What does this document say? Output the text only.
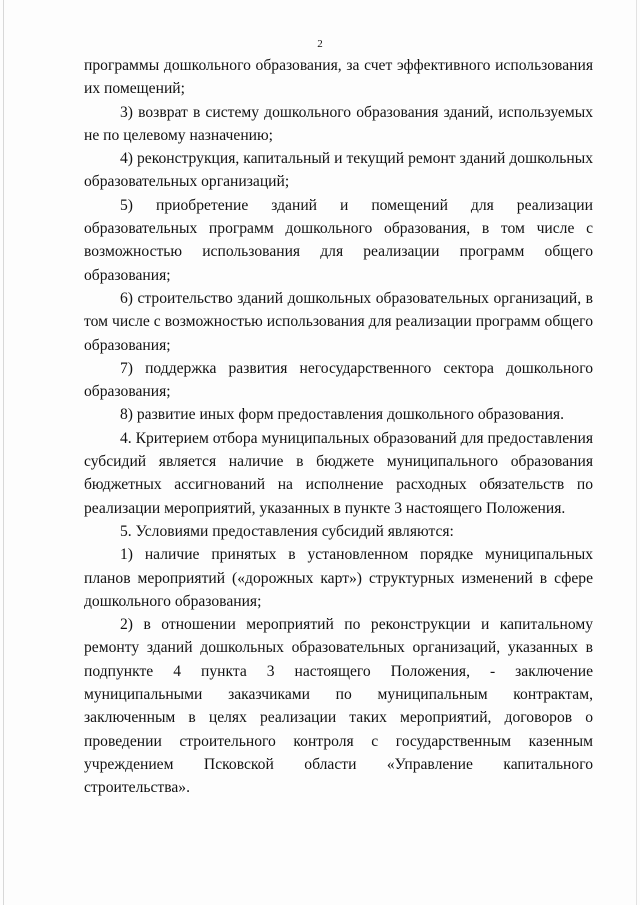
2

программы дошкольного образования, за счет эффективного использования их помещений;

3) возврат в систему дошкольного образования зданий, используемых не по целевому назначению;

4) реконструкция, капитальный и текущий ремонт зданий дошкольных образовательных организаций;

5) приобретение зданий и помещений для реализации образовательных программ дошкольного образования, в том числе с возможностью использования для реализации программ общего образования;

6) строительство зданий дошкольных образовательных организаций, в том числе с возможностью использования для реализации программ общего образования;

7) поддержка развития негосударственного сектора дошкольного образования;

8) развитие иных форм предоставления дошкольного образования.

4. Критерием отбора муниципальных образований для предоставления субсидий является наличие в бюджете муниципального образования бюджетных ассигнований на исполнение расходных обязательств по реализации мероприятий, указанных в пункте 3 настоящего Положения.

5. Условиями предоставления субсидий являются:

1) наличие принятых в установленном порядке муниципальных планов мероприятий («дорожных карт») структурных изменений в сфере дошкольного образования;

2) в отношении мероприятий по реконструкции и капитальному ремонту зданий дошкольных образовательных организаций, указанных в подпункте 4 пункта 3 настоящего Положения, - заключение муниципальными заказчиками по муниципальным контрактам, заключенным в целях реализации таких мероприятий, договоров о проведении строительного контроля с государственным казенным учреждением Псковской области «Управление капитального строительства».
